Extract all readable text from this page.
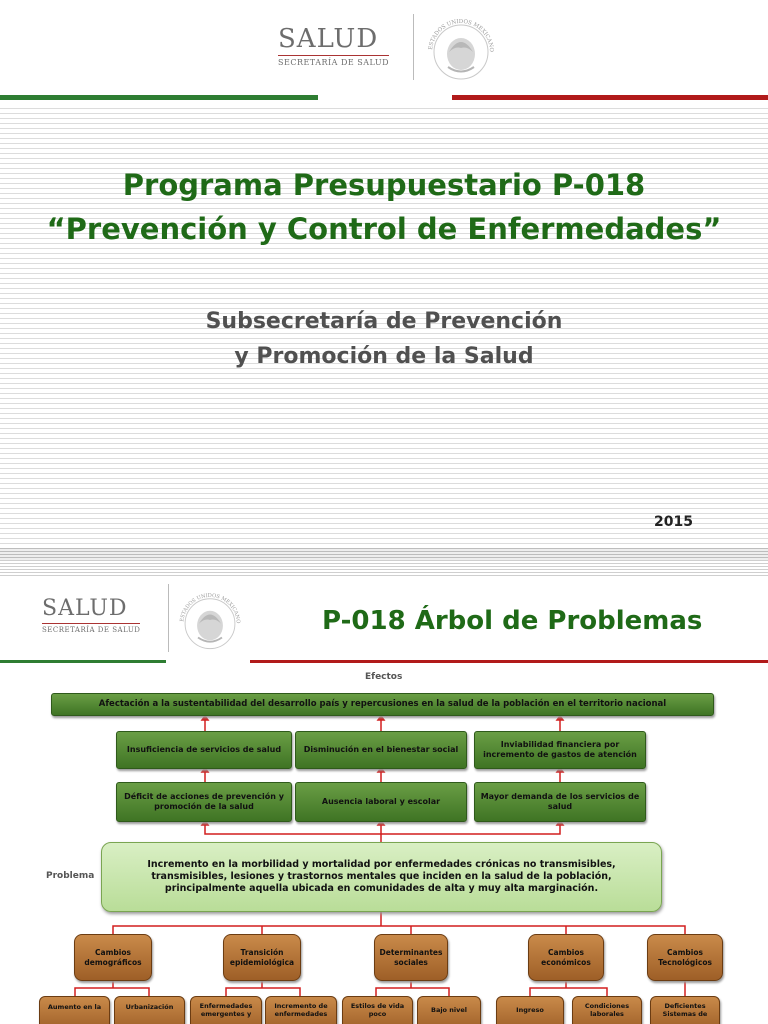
SALUD
SECRETARÍA DE SALUD
ESTADOS UNIDOS MEXICANO
Programa Presupuestario P-018
“Prevención y Control de Enfermedades”
Subsecretaría de Prevención
y Promoción de la Salud
2015
SALUD
SECRETARÍA DE SALUD
ESTADOS UNIDOS MEXICANO	P-018 Árbol de Problemas
Efectos
Problema
Afectación a la sustentabilidad del desarrollo país y repercusiones en la salud de la población en el territorio nacional
Insuficiencia de servicios de salud	Disminución en el bienestar social
Inviabilidad financiera por incremento de gastos de atención
Déficit de acciones de prevención y promoción de la salud
Ausencia laboral y escolar
Mayor demanda de los servicios de salud
Incremento en la morbilidad y mortalidad por enfermedades crónicas no transmisibles, transmisibles, lesiones y trastornos mentales que inciden en la salud de la población, principalmente aquella ubicada en comunidades de alta y muy alta marginación.
Cambios demográficos
Transición epidemiológica
Determinantes sociales
Cambios económicos
Cambios Tecnológicos
Aumento en la	Urbanización	Enfermedades emergentes y
Incremento de enfermedades
Estilos de vida poco
Bajo nivel	Ingreso	Condiciones laborales
Deficientes Sistemas de
